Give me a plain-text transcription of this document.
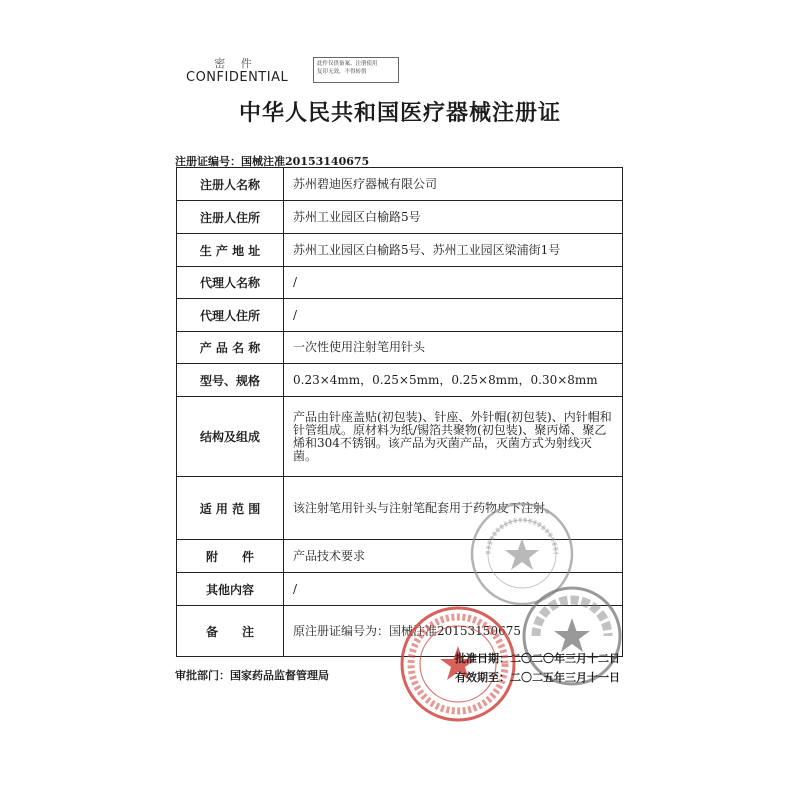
密 件
CONFIDENTIAL
此件仅供备案、注册使用
复印无效，不得转借
中华人民共和国医疗器械注册证
注册证编号：国械注准20153140675
注册人名称	苏州碧迪医疗器械有限公司
注册人住所	苏州工业园区白榆路5号
生 产 地 址	苏州工业园区白榆路5号、苏州工业园区梁浦街1号
代理人名称	/
代理人住所	/
产 品 名 称	一次性使用注射笔用针头
型号、规格	0.23×4mm，0.25×5mm，0.25×8mm，0.30×8mm
结构及组成	产品由针座盖贴(初包装)、针座、外针帽(初包装)、内针帽和针管组成。原材料为纸/锡箔共聚物(初包装)、聚丙烯、聚乙烯和304不锈钢。该产品为灭菌产品，灭菌方式为射线灭菌。
适 用 范 围	该注射笔用针头与注射笔配套用于药物皮下注射。
附　　件	产品技术要求
其他内容	/
备　　注	原注册证编号为：国械注准20153150675
审批部门：国家药品监督管理局
批准日期：二〇二〇年三月十二日
有效期至：二〇二五年三月十一日
